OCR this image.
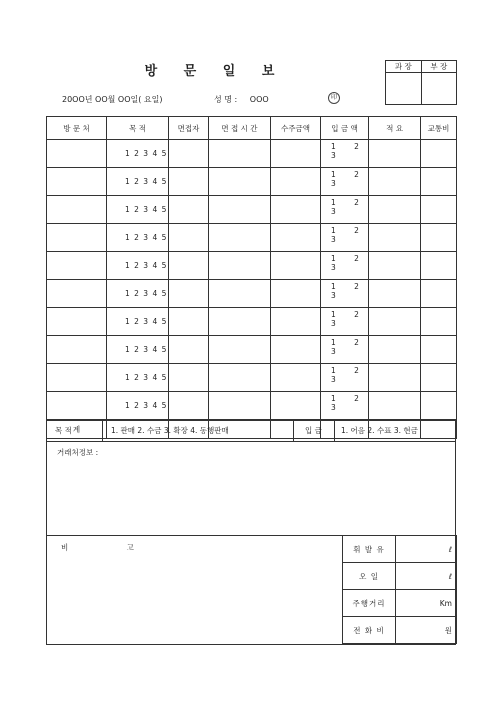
방 문 일 보
20OO년 OO월 OO일( 요일)	성 명 : OOO	印
과 장	부 장

방 문 처	목 적	면접자	면 접 시 간	수주금액	입 금 액	적 요	교통비
	1 2 3 4 5				1 2 3		
	1 2 3 4 5				1 2 3		
	1 2 3 4 5				1 2 3		
	1 2 3 4 5				1 2 3		
	1 2 3 4 5				1 2 3		
	1 2 3 4 5				1 2 3		
	1 2 3 4 5				1 2 3		
	1 2 3 4 5				1 2 3		
	1 2 3 4 5				1 2 3		
	1 2 3 4 5				1 2 3		
계							
목 적	1. 판매 2. 수금 3. 확장 4. 동행판매	입 금	1. 어음 2. 수표 3. 현금
거래처정보 :
비 고	휘 발 유	ℓ
오 일	ℓ
주행거리	Km
전 화 비	원
